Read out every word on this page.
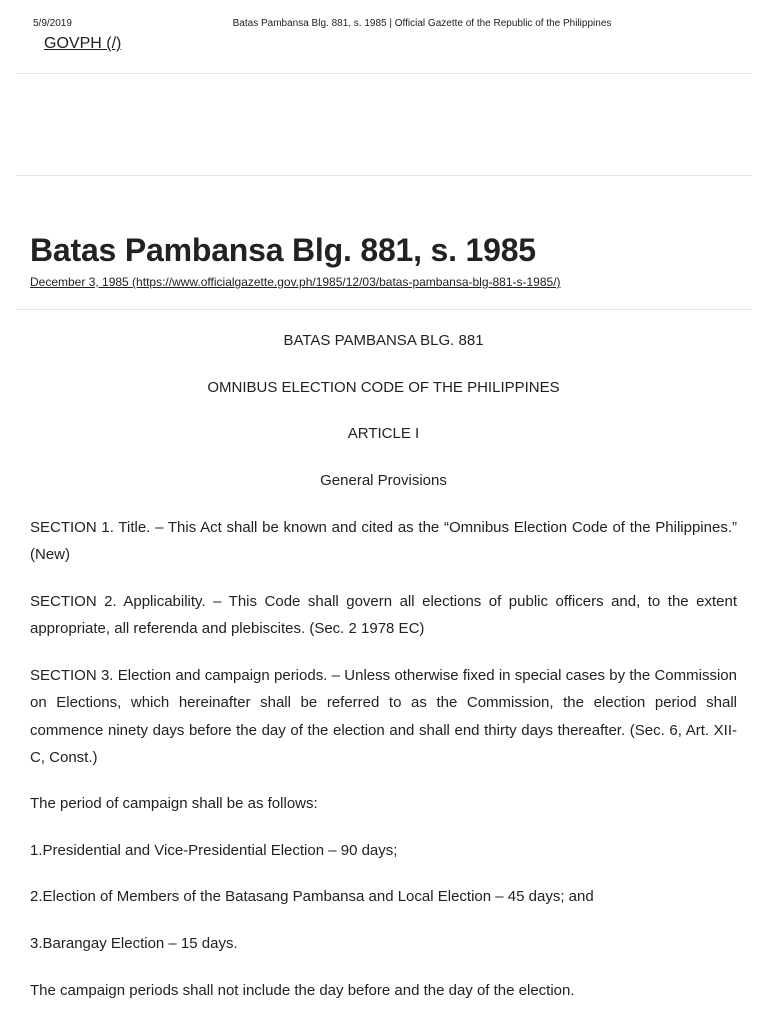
5/9/2019	Batas Pambansa Blg. 881, s. 1985 | Official Gazette of the Republic of the Philippines
GOVPH (/)
Batas Pambansa Blg. 881, s. 1985
December 3, 1985 (https://www.officialgazette.gov.ph/1985/12/03/batas-pambansa-blg-881-s-1985/)

BATAS PAMBANSA BLG. 881

OMNIBUS ELECTION CODE OF THE PHILIPPINES

ARTICLE I

General Provisions

SECTION 1. Title. – This Act shall be known and cited as the “Omnibus Election Code of the Philippines.” (New)

SECTION 2. Applicability. – This Code shall govern all elections of public officers and, to the extent appropriate, all referenda and plebiscites. (Sec. 2 1978 EC)

SECTION 3. Election and campaign periods. – Unless otherwise fixed in special cases by the Commission on Elections, which hereinafter shall be referred to as the Commission, the election period shall commence ninety days before the day of the election and shall end thirty days thereafter. (Sec. 6, Art. XII-C, Const.)

The period of campaign shall be as follows:

1.Presidential and Vice-Presidential Election – 90 days;

2.Election of Members of the Batasang Pambansa and Local Election – 45 days; and

3.Barangay Election – 15 days.

The campaign periods shall not include the day before and the day of the election.
